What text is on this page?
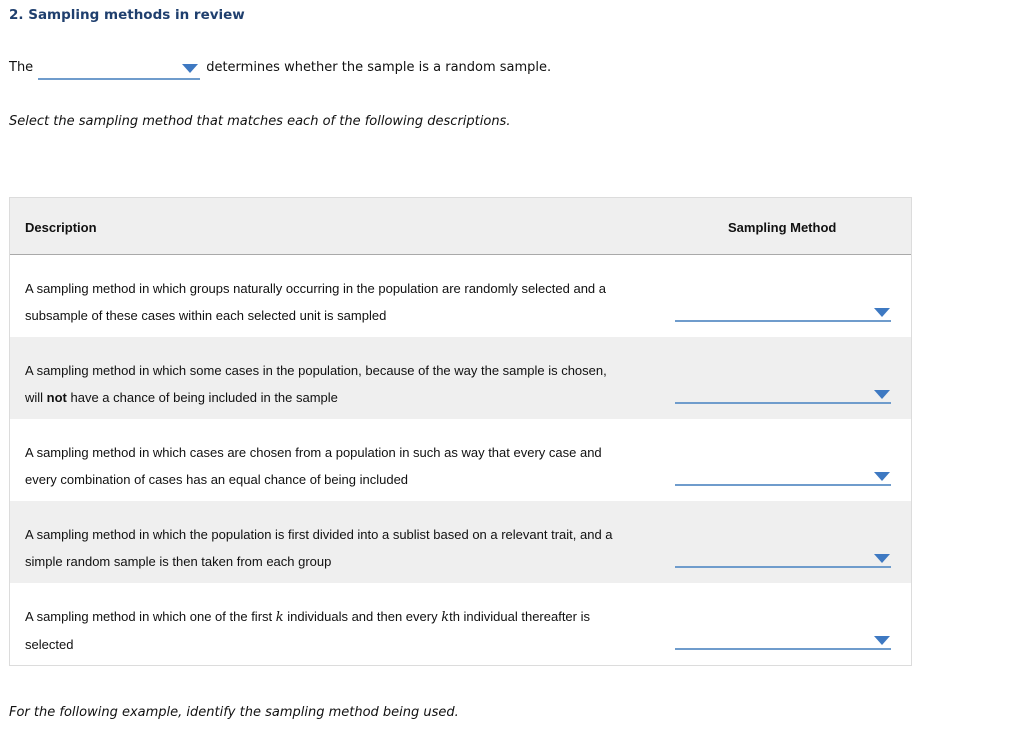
2. Sampling methods in review
The	determines whether the sample is a random sample.
Select the sampling method that matches each of the following descriptions.
Description	Sampling Method
A sampling method in which groups naturally occurring in the population are randomly selected and a
subsample of these cases within each selected unit is sampled
A sampling method in which some cases in the population, because of the way the sample is chosen,
will not have a chance of being included in the sample
A sampling method in which cases are chosen from a population in such as way that every case and
every combination of cases has an equal chance of being included
A sampling method in which the population is first divided into a sublist based on a relevant trait, and a
simple random sample is then taken from each group
A sampling method in which one of the first k individuals and then every kth individual thereafter is
selected
For the following example, identify the sampling method being used.
